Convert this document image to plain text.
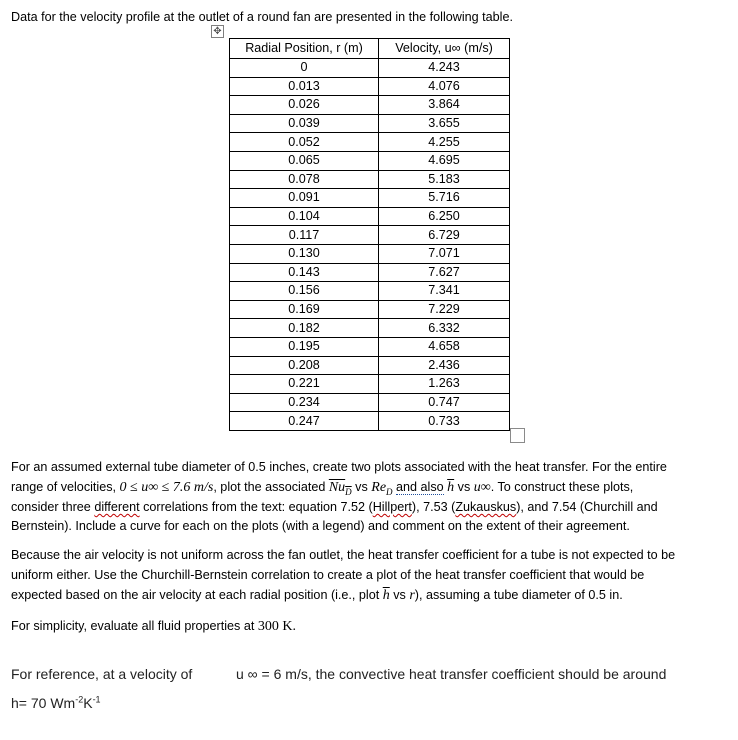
Data for the velocity profile at the outlet of a round fan are presented in the following table.

✥
Radial Position, r (m)	Velocity, u∞ (m/s)
0	4.243
0.013	4.076
0.026	3.864
0.039	3.655
0.052	4.255
0.065	4.695
0.078	5.183
0.091	5.716
0.104	6.250
0.117	6.729
0.130	7.071
0.143	7.627
0.156	7.341
0.169	7.229
0.182	6.332
0.195	4.658
0.208	2.436
0.221	1.263
0.234	0.747
0.247	0.733

For an assumed external tube diameter of 0.5 inches, create two plots associated with the heat transfer. For the entire

range of velocities, 0 ≤ u∞ ≤ 7.6 m/s, plot the associated $Nu_D$ vs $Re_D$ and also $\overline{h}$ vs u∞. To construct these plots,

consider three different correlations from the text: equation 7.52 (Hillpert), 7.53 (Zukauskus), and 7.54 (Churchill and

Bernstein). Include a curve for each on the plots (with a legend) and comment on the extent of their agreement.

Because the air velocity is not uniform across the fan outlet, the heat transfer coefficient for a tube is not expected to be

uniform either. Use the Churchill-Bernstein correlation to create a plot of the heat transfer coefficient that would be

expected based on the air velocity at each radial position (i.e., plot $\overline{h}$ vs r), assuming a tube diameter of 0.5 in.

For simplicity, evaluate all fluid properties at 300 K.

For reference, at a velocity of	u ∞ = 6 m/s, the convective heat transfer coefficient should be around
h= 70 $Wm^{-2}K^{-1}$
